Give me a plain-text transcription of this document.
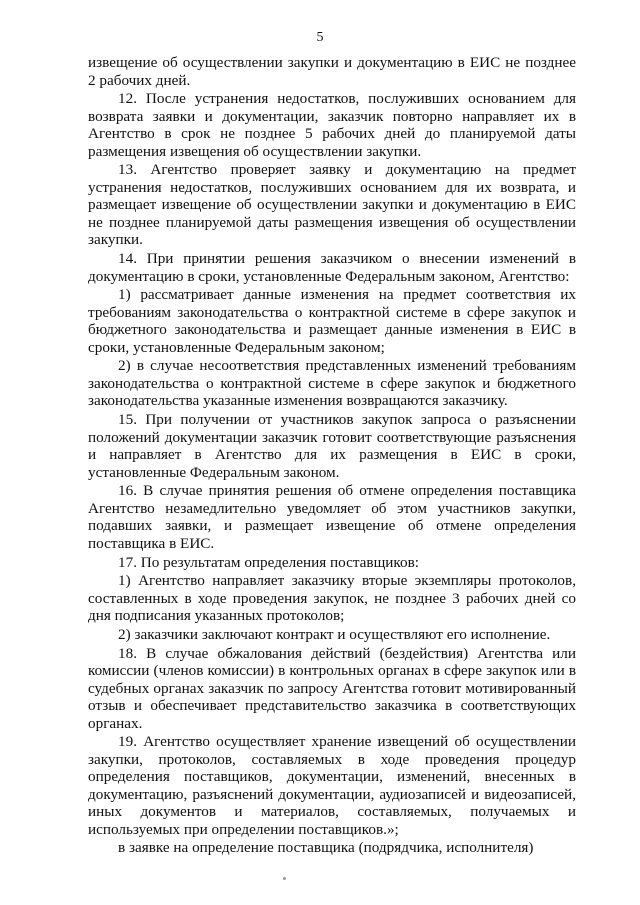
5

извещение об осуществлении закупки и документацию в ЕИС не позднее 2 рабочих дней.

12. После устранения недостатков, послуживших основанием для возврата заявки и документации, заказчик повторно направляет их в Агентство в срок не позднее 5 рабочих дней до планируемой даты размещения извещения об осуществлении закупки.

13. Агентство проверяет заявку и документацию на предмет устранения недостатков, послуживших основанием для их возврата, и размещает извещение об осуществлении закупки и документацию в ЕИС не позднее планируемой даты размещения извещения об осуществлении закупки.

14. При принятии решения заказчиком о внесении изменений в документацию в сроки, установленные Федеральным законом, Агентство:

1) рассматривает данные изменения на предмет соответствия их требованиям законодательства о контрактной системе в сфере закупок и бюджетного законодательства и размещает данные изменения в ЕИС в сроки, установленные Федеральным законом;

2) в случае несоответствия представленных изменений требованиям законодательства о контрактной системе в сфере закупок и бюджетного законодательства указанные изменения возвращаются заказчику.

15. При получении от участников закупок запроса о разъяснении положений документации заказчик готовит соответствующие разъяснения и направляет в Агентство для их размещения в ЕИС в сроки, установленные Федеральным законом.

16. В случае принятия решения об отмене определения поставщика Агентство незамедлительно уведомляет об этом участников закупки, подавших заявки, и размещает извещение об отмене определения поставщика в ЕИС.

17. По результатам определения поставщиков:

1) Агентство направляет заказчику вторые экземпляры протоколов, составленных в ходе проведения закупок, не позднее 3 рабочих дней со дня подписания указанных протоколов;

2) заказчики заключают контракт и осуществляют его исполнение.

18. В случае обжалования действий (бездействия) Агентства или комиссии (членов комиссии) в контрольных органах в сфере закупок или в судебных органах заказчик по запросу Агентства готовит мотивированный отзыв и обеспечивает представительство заказчика в соответствующих органах.

19. Агентство осуществляет хранение извещений об осуществлении закупки, протоколов, составляемых в ходе проведения процедур определения поставщиков, документации, изменений, внесенных в документацию, разъяснений документации, аудиозаписей и видеозаписей, иных документов и материалов, составляемых, получаемых и используемых при определении поставщиков.»;

в заявке на определение поставщика (подрядчика, исполнителя)
